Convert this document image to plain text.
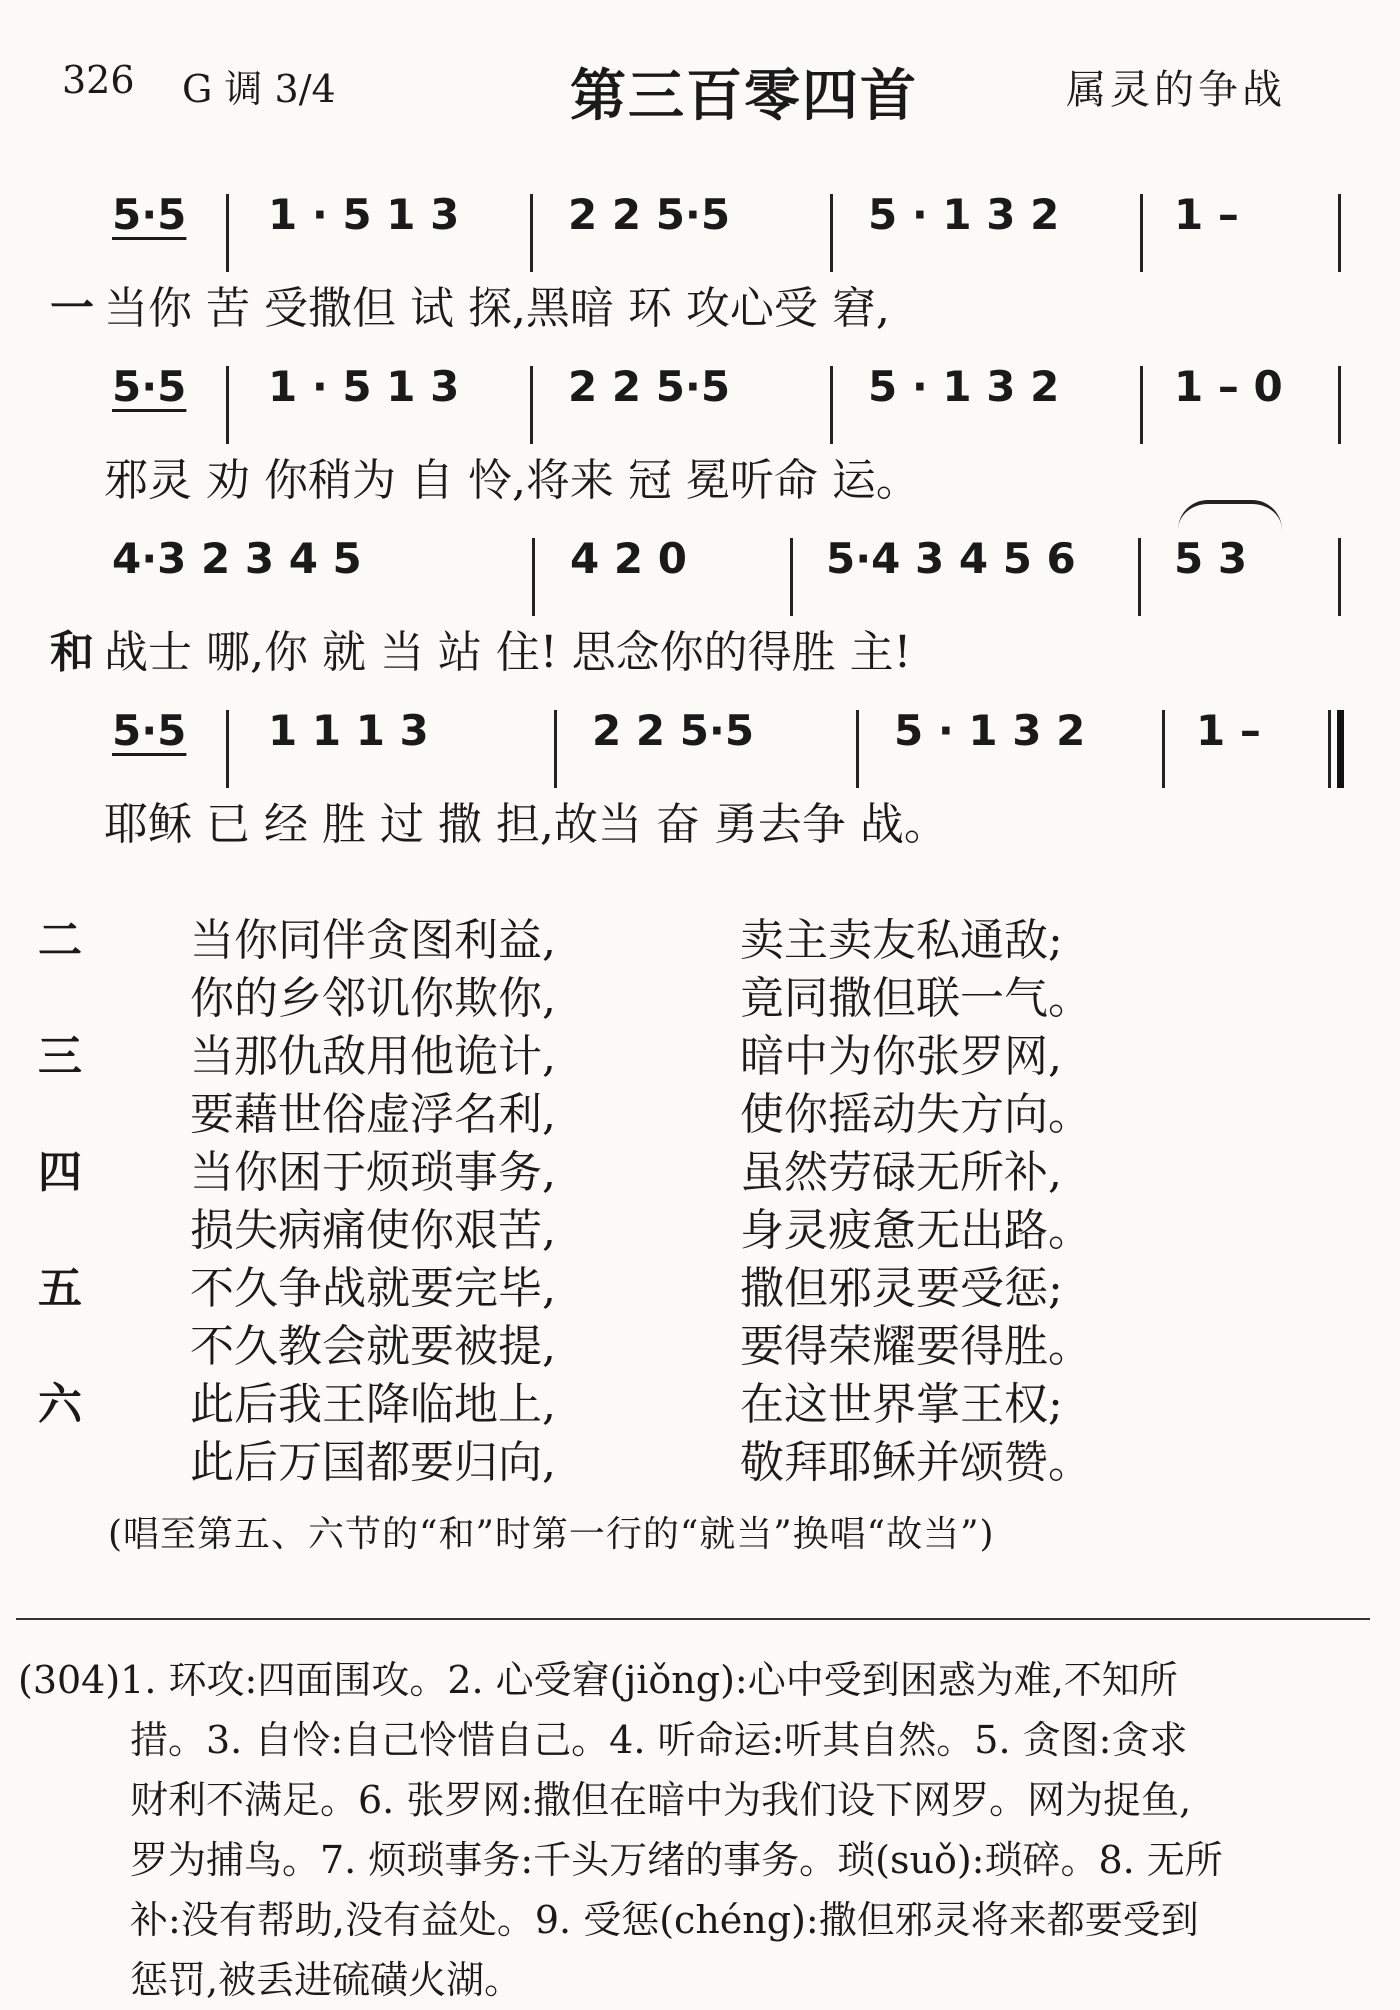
326 G 调 3/4	第三百零四首	属灵的争战
5·5 1 · 5 1 3	2 2 5·5	5 · 1 3 2	1 –
一 当你 苦 受撒但 试 探,黑暗 环 攻心受 窘,
5·5 1 · 5 1 3	2 2 5·5	5 · 1 3 2	1 – 0
邪灵 劝 你稍为 自 怜,将来 冠 冕听命 运。
4·3 2 3 4 5	4 2 0	5·4 3 4 5 6 5 3
和 战士 哪,你 就 当 站 住! 思念你的得胜 主!
5·5 1 1 1 3	2 2 5·5	5 · 1 3 2	1 –
耶稣 已 经 胜 过 撒 担,故当 奋 勇去争 战。
二 当你同伴贪图利益,	卖主卖友私通敌;
你的乡邻讥你欺你,	竟同撒但联一气。
三 当那仇敌用他诡计,	暗中为你张罗网,
要藉世俗虚浮名利,	使你摇动失方向。
四 当你困于烦琐事务,	虽然劳碌无所补,
损失病痛使你艰苦,	身灵疲惫无出路。
五 不久争战就要完毕,	撒但邪灵要受惩;
不久教会就要被提,	要得荣耀要得胜。
六 此后我王降临地上,	在这世界掌王权;
此后万国都要归向,	敬拜耶稣并颂赞。
(唱至第五、六节的“和”时第一行的“就当”换唱“故当”)
(304)1. 环攻:四面围攻。2. 心受窘(jiǒng):心中受到困惑为难,不知所
措。3. 自怜:自己怜惜自己。4. 听命运:听其自然。5. 贪图:贪求
财利不满足。6. 张罗网:撒但在暗中为我们设下网罗。网为捉鱼,
罗为捕鸟。7. 烦琐事务:千头万绪的事务。琐(suǒ):琐碎。8. 无所
补:没有帮助,没有益处。9. 受惩(chéng):撒但邪灵将来都要受到
惩罚,被丢进硫磺火湖。
